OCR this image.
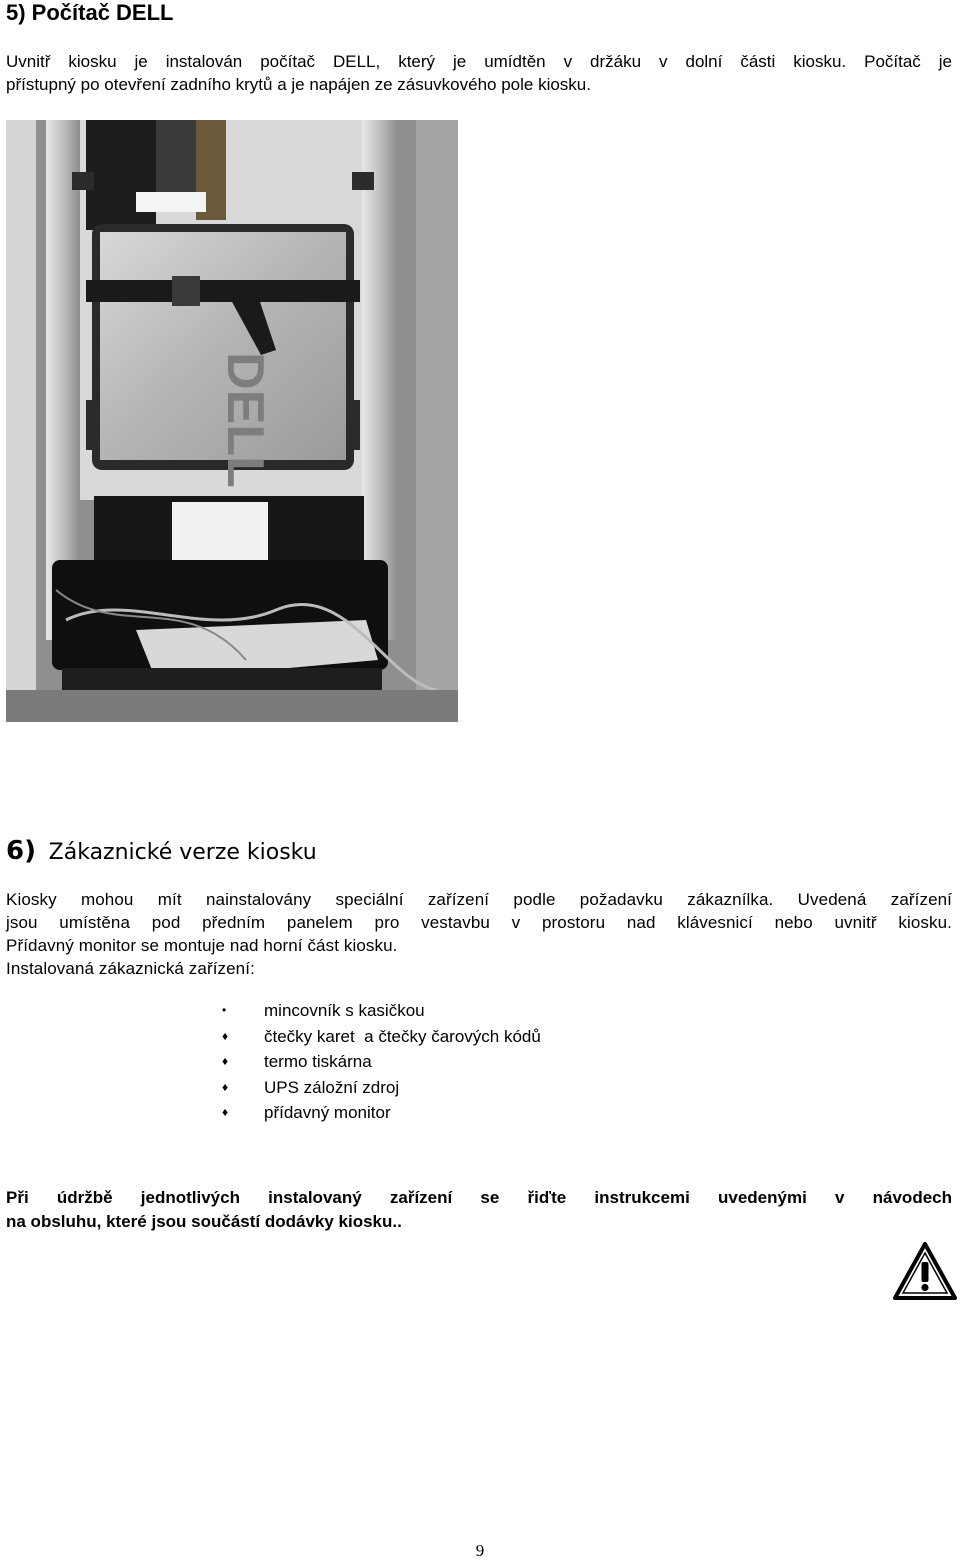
5) Počítač DELL
Uvnitř kiosku je instalován počítač DELL, který je umídtěn v držáku v dolní části kiosku. Počítač je
přístupný po otevření zadního krytů a je napájen ze zásuvkového pole kiosku.
DELL
6) Zákaznické verze kiosku
Kiosky mohou mít nainstalovány speciální zařízení podle požadavku zákaznílka. Uvedená zařízení
jsou umístěna pod předním panelem pro vestavbu v prostoru nad klávesnicí nebo uvnitř kiosku.
Přídavný monitor se montuje nad horní část kiosku.
Instalovaná zákaznická zařízení:
•	mincovník s kasičkou
♦	čtečky karet  a čtečky čarových kódů
♦	termo tiskárna
♦	UPS záložní zdroj
♦	přídavný monitor
Při údržbě jednotlivých instalovaný zařízení se řiďte instrukcemi uvedenými v návodech
na obsluhu, které jsou součástí dodávky kiosku..
9
